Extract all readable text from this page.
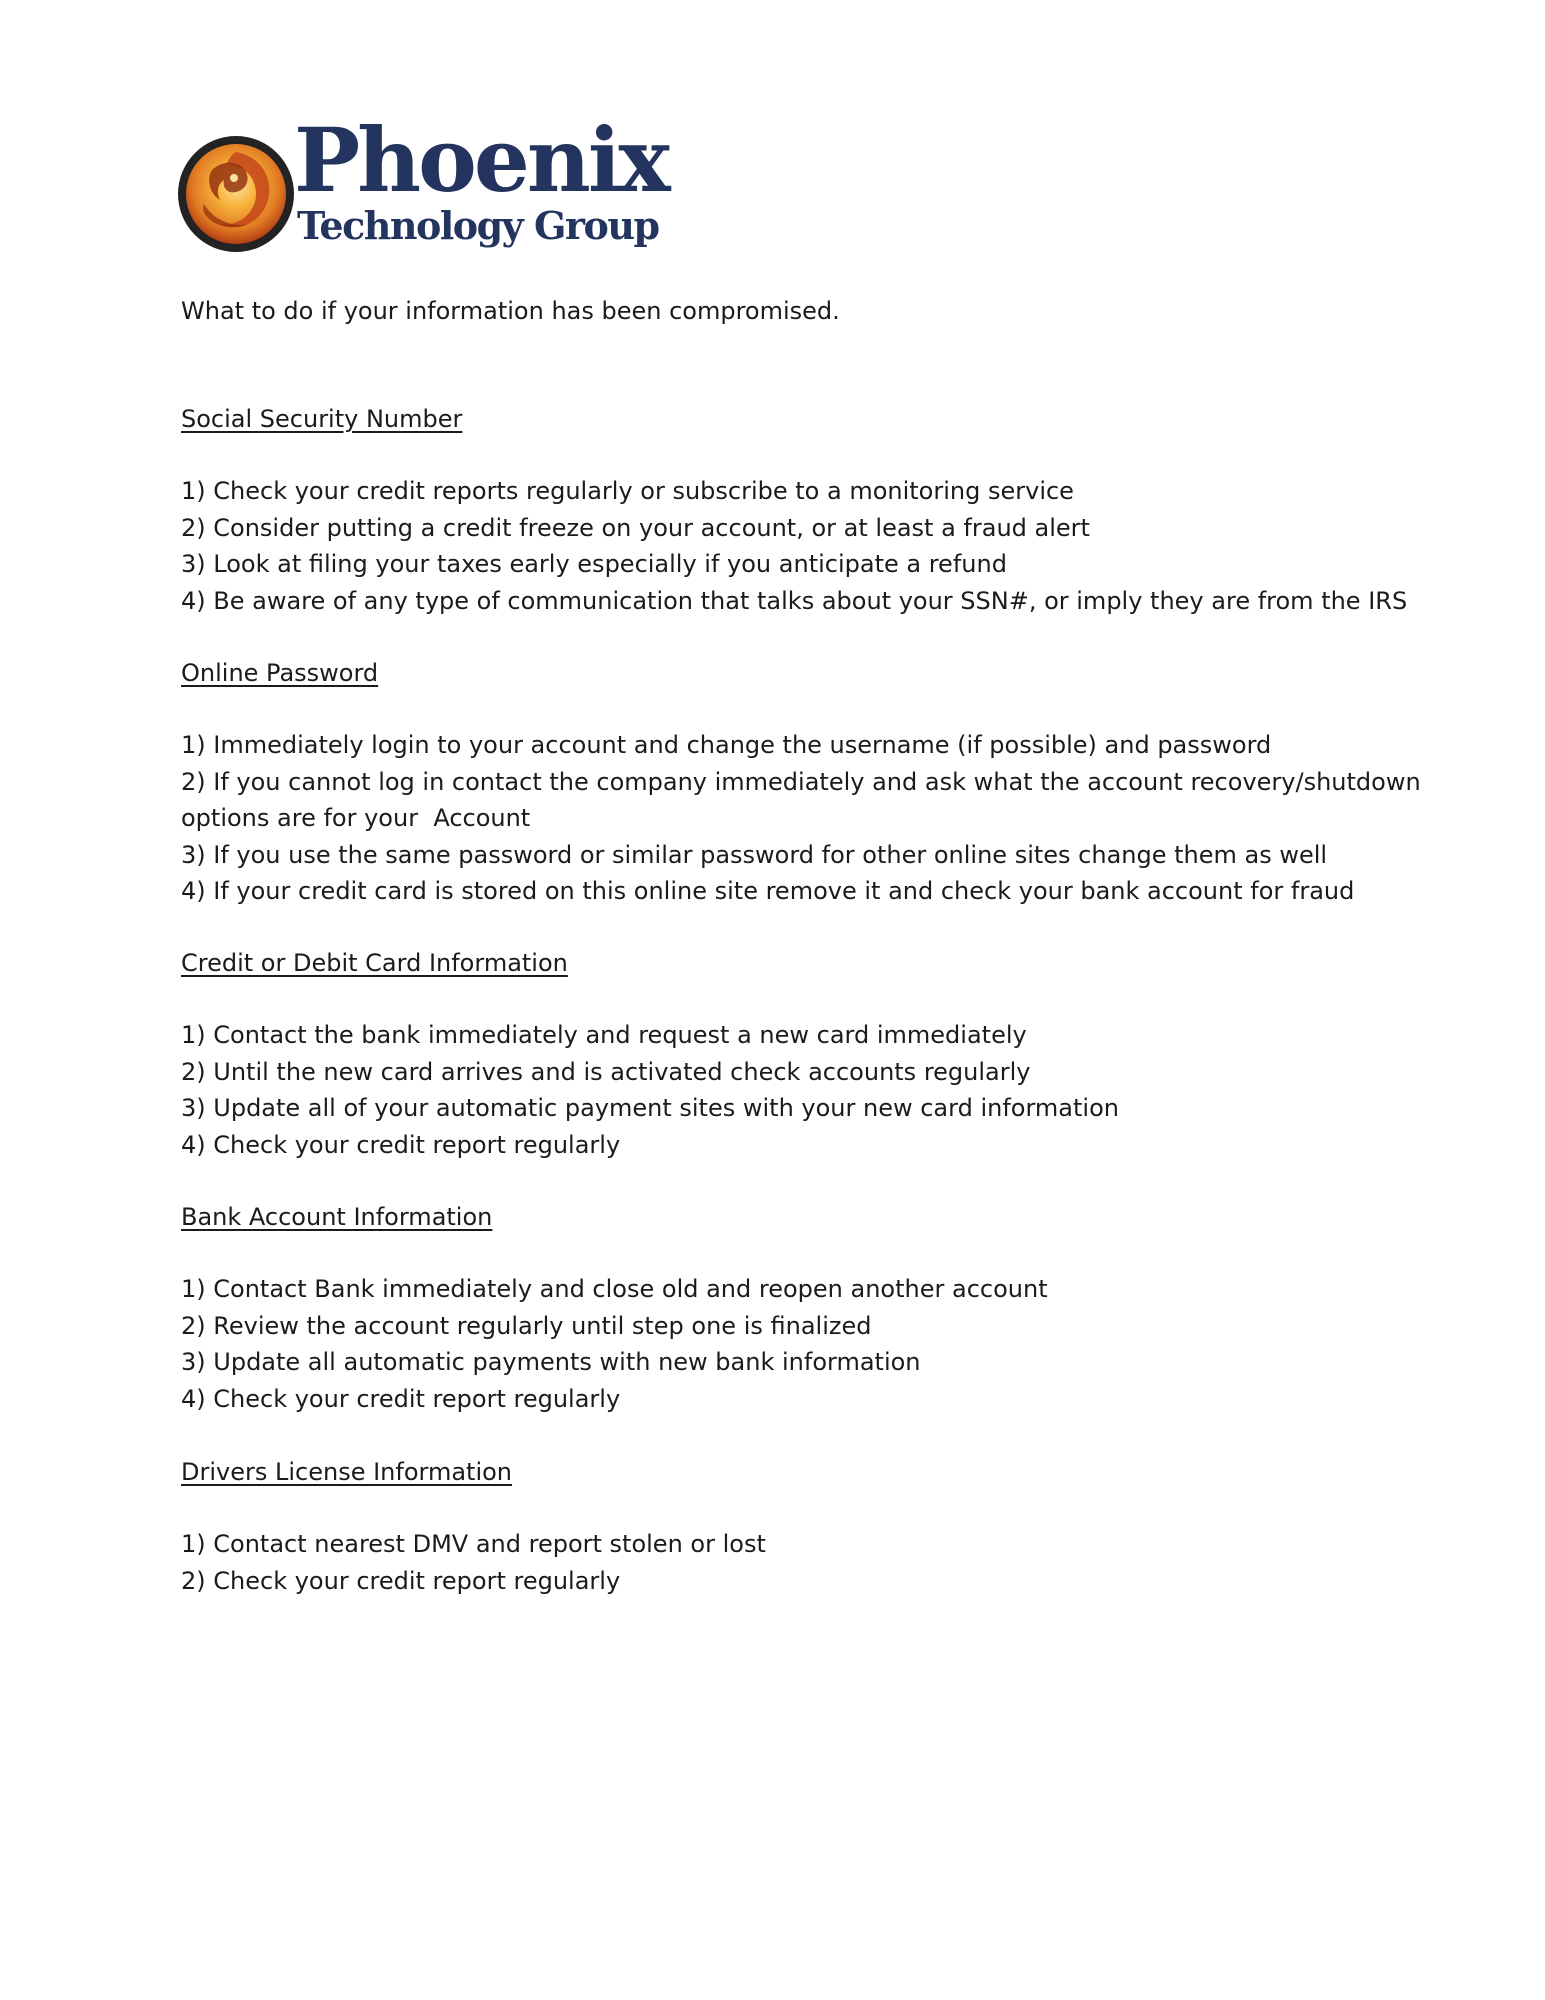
Phoenix
Technology Group

What to do if your information has been compromised.

Social Security Number
1) Check your credit reports regularly or subscribe to a monitoring service
2) Consider putting a credit freeze on your account, or at least a fraud alert
3) Look at filing your taxes early especially if you anticipate a refund
4) Be aware of any type of communication that talks about your SSN#, or imply they are from the IRS
Online Password
1) Immediately login to your account and change the username (if possible) and password
2) If you cannot log in contact the company immediately and ask what the account recovery/shutdown
options are for your  Account
3) If you use the same password or similar password for other online sites change them as well
4) If your credit card is stored on this online site remove it and check your bank account for fraud
Credit or Debit Card Information
1) Contact the bank immediately and request a new card immediately
2) Until the new card arrives and is activated check accounts regularly
3) Update all of your automatic payment sites with your new card information
4) Check your credit report regularly
Bank Account Information
1) Contact Bank immediately and close old and reopen another account
2) Review the account regularly until step one is finalized
3) Update all automatic payments with new bank information
4) Check your credit report regularly
Drivers License Information
1) Contact nearest DMV and report stolen or lost
2) Check your credit report regularly
